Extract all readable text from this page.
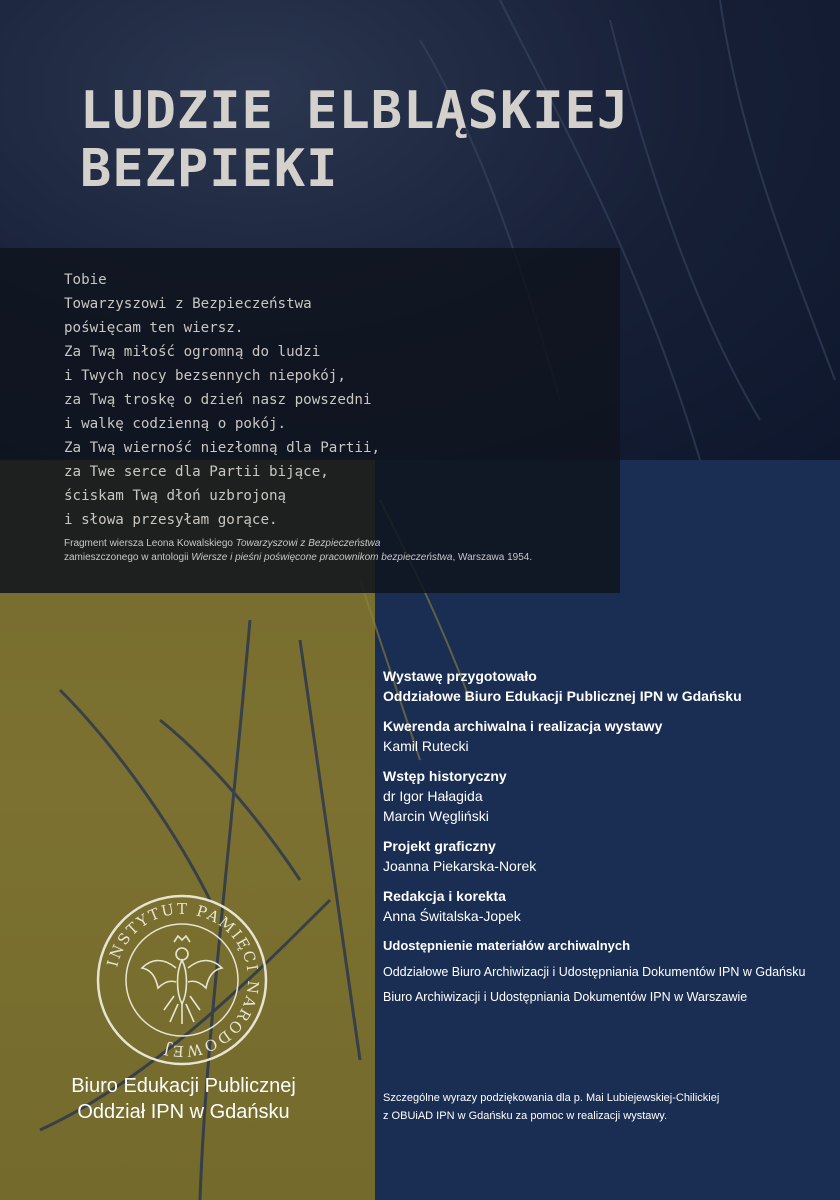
LUDZIE ELBLĄSKIEJ
BEZPIEKI
Tobie
Towarzyszowi z Bezpieczeństwa
poświęcam ten wiersz.
Za Twą miłość ogromną do ludzi
i Twych nocy bezsennych niepokój,
za Twą troskę o dzień nasz powszedni
i walkę codzienną o pokój.
Za Twą wierność niezłomną dla Partii,
za Twe serce dla Partii bijące,
ściskam Twą dłoń uzbrojoną
i słowa przesyłam gorące.
Fragment wiersza Leona Kowalskiego Towarzyszowi z Bezpieczeństwa
zamieszczonego w antologii Wiersze i pieśni poświęcone pracownikom bezpieczeństwa, Warszawa 1954.
Wystawę przygotowało
Oddziałowe Biuro Edukacji Publicznej IPN w Gdańsku
Kwerenda archiwalna i realizacja wystawy
Kamil Rutecki
Wstęp historyczny
dr Igor Hałagida
Marcin Węgliński
Projekt graficzny
Joanna Piekarska-Norek
Redakcja i korekta
Anna Świtalska-Jopek
Udostępnienie materiałów archiwalnych
Oddziałowe Biuro Archiwizacji i Udostępniania Dokumentów IPN w Gdańsku
Biuro Archiwizacji i Udostępniania Dokumentów IPN w Warszawie
Szczególne wyrazy podziękowania dla p. Mai Lubiejewskiej-Chilickiej
z OBUiAD IPN w Gdańsku za pomoc w realizacji wystawy.
INSTYTUT PAMIĘCI NARODOWEJ
Biuro Edukacji Publicznej
Oddział IPN w Gdańsku
